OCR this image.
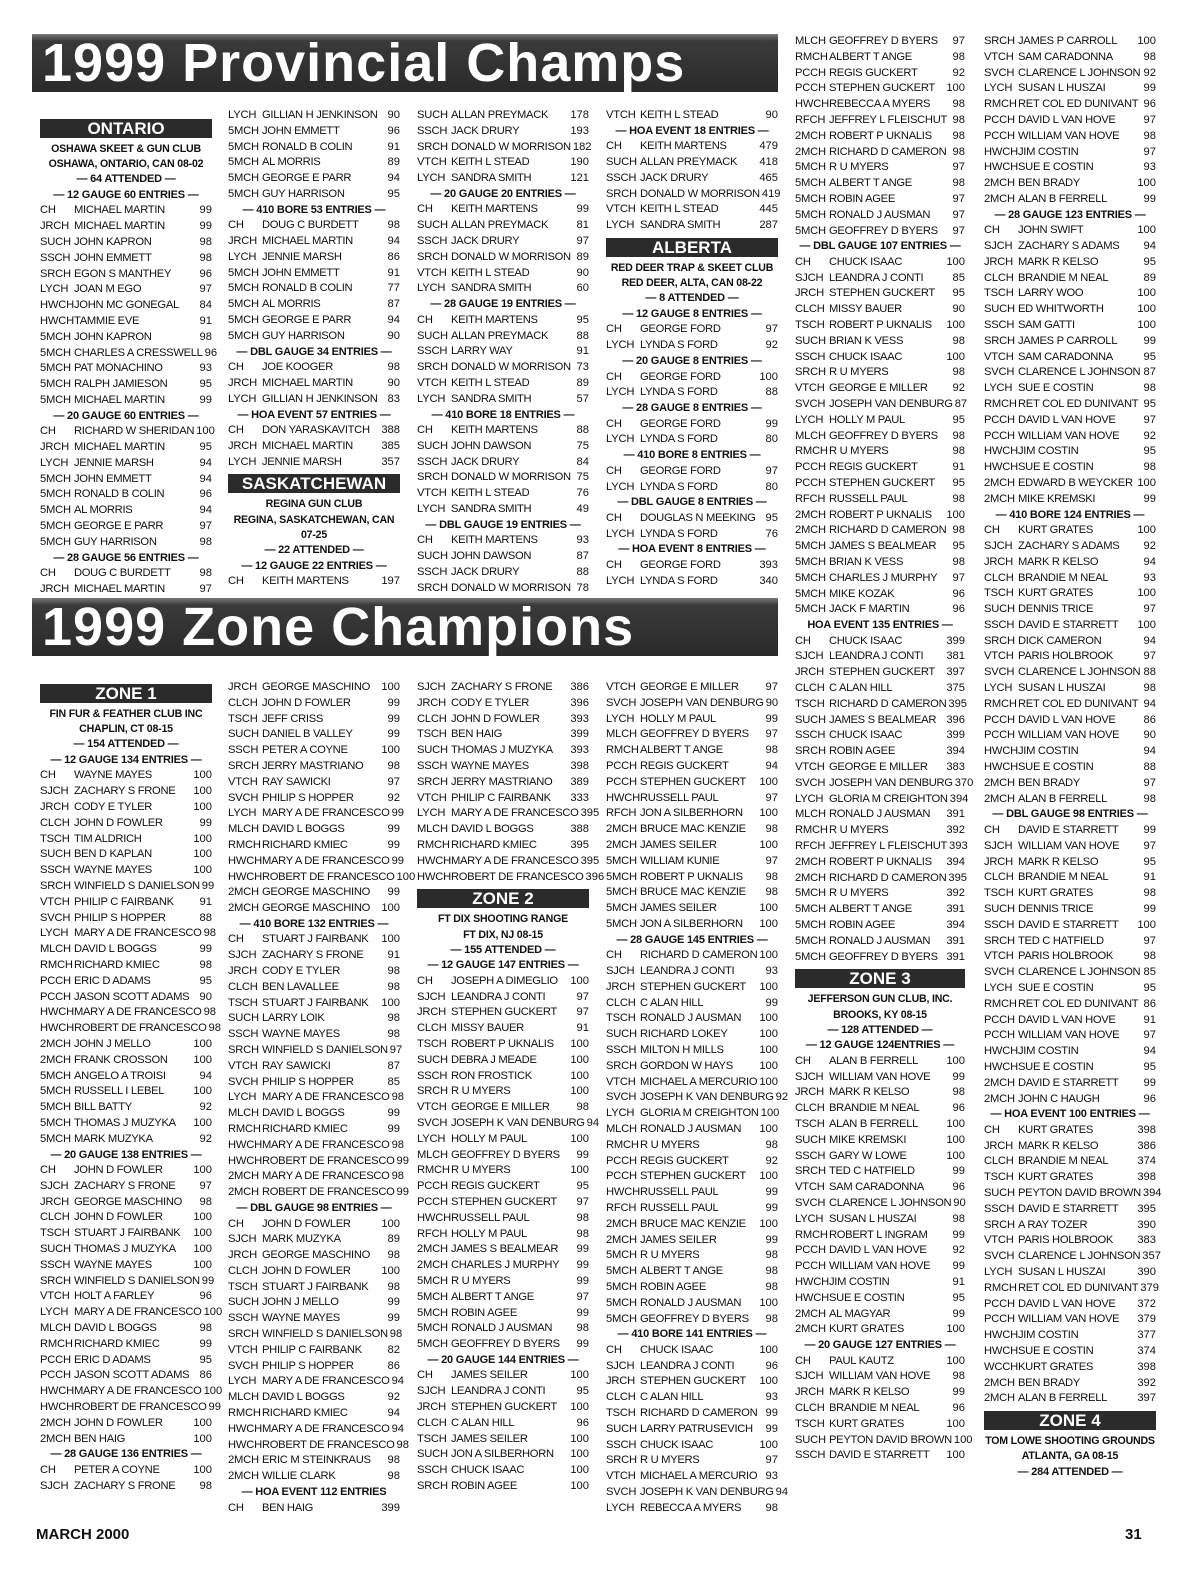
1999 Provincial Champs
1999 Zone Champions
ONTARIO
OSHAWA SKEET & GUN CLUB
OSHAWA, ONTARIO, CAN 08-02
— 64 ATTENDED —
— 12 GAUGE 60 ENTRIES —
CH	MICHAEL MARTIN	99
JRCH MICHAEL MARTIN	99
SUCH JOHN KAPRON	98
SSCH JOHN EMMETT	98
SRCH EGON S MANTHEY	96
LYCH JOAN M EGO	97
HWCH JOHN MC GONEGAL	84
HWCH TAMMIE EVE	91
5MCH JOHN KAPRON	98
5MCH CHARLES A CRESSWELL 96
5MCH PAT MONACHINO	93
5MCH RALPH JAMIESON	95
5MCH MICHAEL MARTIN	99
— 20 GAUGE 60 ENTRIES —
CH	RICHARD W SHERIDAN 100
JRCH MICHAEL MARTIN	95
LYCH JENNIE MARSH	94
5MCH JOHN EMMETT	94
5MCH RONALD B COLIN	96
5MCH AL MORRIS	94
5MCH GEORGE E PARR	97
5MCH GUY HARRISON	98
— 28 GAUGE 56 ENTRIES —
CH	DOUG C BURDETT	98
JRCH MICHAEL MARTIN	97
LYCH GILLIAN H JENKINSON 90
5MCH JOHN EMMETT	96
5MCH RONALD B COLIN	91
5MCH AL MORRIS	89
5MCH GEORGE E PARR	94
5MCH GUY HARRISON	95
— 410 BORE 53 ENTRIES —
CH	DOUG C BURDETT	98
JRCH MICHAEL MARTIN	94
LYCH JENNIE MARSH	86
5MCH JOHN EMMETT	91
5MCH RONALD B COLIN	77
5MCH AL MORRIS	87
5MCH GEORGE E PARR	94
5MCH GUY HARRISON	90
— DBL GAUGE 34 ENTRIES —
CH	JOE KOOGER	98
JRCH MICHAEL MARTIN	90
LYCH GILLIAN H JENKINSON 83
— HOA EVENT 57 ENTRIES —
CH	DON YARASKAVITCH	388
JRCH MICHAEL MARTIN	385
LYCH JENNIE MARSH	357
SASKATCHEWAN
REGINA GUN CLUB
REGINA, SASKATCHEWAN, CAN
07-25
— 22 ATTENDED —
— 12 GAUGE 22 ENTRIES —
CH	KEITH MARTENS	197
SUCH ALLAN PREYMACK	178
SSCH JACK DRURY	193
SRCH DONALD W MORRISON 182
VTCH KEITH L STEAD	190
LYCH SANDRA SMITH	121
— 20 GAUGE 20 ENTRIES —
CH	KEITH MARTENS	99
SUCH ALLAN PREYMACK	81
SSCH JACK DRURY	97
SRCH DONALD W MORRISON 89
VTCH KEITH L STEAD	90
LYCH SANDRA SMITH	60
— 28 GAUGE 19 ENTRIES —
CH	KEITH MARTENS	95
SUCH ALLAN PREYMACK	88
SSCH LARRY WAY	91
SRCH DONALD W MORRISON 73
VTCH KEITH L STEAD	89
LYCH SANDRA SMITH	57
— 410 BORE 18 ENTRIES —
CH	KEITH MARTENS	88
SUCH JOHN DAWSON	75
SSCH JACK DRURY	84
SRCH DONALD W MORRISON 75
VTCH KEITH L STEAD	76
LYCH SANDRA SMITH	49
— DBL GAUGE 19 ENTRIES —
CH	KEITH MARTENS	93
SUCH JOHN DAWSON	87
SSCH JACK DRURY	88
SRCH DONALD W MORRISON 78
VTCH KEITH L STEAD	90
— HOA EVENT 18 ENTRIES —
CH	KEITH MARTENS	479
SUCH ALLAN PREYMACK	418
SSCH JACK DRURY	465
SRCH DONALD W MORRISON 419
VTCH KEITH L STEAD	445
LYCH SANDRA SMITH	287
ALBERTA
RED DEER TRAP & SKEET CLUB
RED DEER, ALTA, CAN 08-22
— 8 ATTENDED —
— 12 GAUGE 8 ENTRIES —
CH	GEORGE FORD	97
LYCH LYNDA S FORD	92
— 20 GAUGE 8 ENTRIES —
CH	GEORGE FORD	100
LYCH LYNDA S FORD	88
— 28 GAUGE 8 ENTRIES —
CH	GEORGE FORD	99
LYCH LYNDA S FORD	80
— 410 BORE 8 ENTRIES —
CH	GEORGE FORD	97
LYCH LYNDA S FORD	80
— DBL GAUGE 8 ENTRIES —
CH	DOUGLAS N MEEKING 95
LYCH LYNDA S FORD	76
— HOA EVENT 8 ENTRIES —
CH	GEORGE FORD	393
LYCH LYNDA S FORD	340
MLCH GEOFFREY D BYERS	97
RMCH ALBERT T ANGE	98
PCCH REGIS GUCKERT	92
PCCH STEPHEN GUCKERT	100
HWCH REBECCA A MYERS	98
RFCH JEFFREY L FLEISCHUT 98
2MCH ROBERT P UKNALIS	98
2MCH RICHARD D CAMERON 98
5MCH R U MYERS	97
5MCH ALBERT T ANGE	98
5MCH ROBIN AGEE	97
5MCH RONALD J AUSMAN	97
5MCH GEOFFREY D BYERS	97
— DBL GAUGE 107 ENTRIES —
CH	CHUCK ISAAC	100
SJCH LEANDRA J CONTI	85
JRCH STEPHEN GUCKERT	95
CLCH MISSY BAUER	90
TSCH ROBERT P UKNALIS	100
SUCH BRIAN K VESS	98
SSCH CHUCK ISAAC	100
SRCH R U MYERS	98
VTCH GEORGE E MILLER	92
SVCH JOSEPH VAN DENBURG 87
LYCH HOLLY M PAUL	95
MLCH GEOFFREY D BYERS	98
RMCH R U MYERS	98
PCCH REGIS GUCKERT	91
PCCH STEPHEN GUCKERT	95
RFCH RUSSELL PAUL	98
2MCH ROBERT P UKNALIS	100
2MCH RICHARD D CAMERON 98
5MCH JAMES S BEALMEAR	95
5MCH BRIAN K VESS	98
5MCH CHARLES J MURPHY	97
5MCH MIKE KOZAK	96
5MCH JACK F MARTIN	96
HOA EVENT 135 ENTRIES —
CH	CHUCK ISAAC	399
SJCH LEANDRA J CONTI	381
JRCH STEPHEN GUCKERT	397
CLCH C ALAN HILL	375
TSCH RICHARD D CAMERON 395
SUCH JAMES S BEALMEAR 396
SSCH CHUCK ISAAC	399
SRCH ROBIN AGEE	394
VTCH GEORGE E MILLER	383
SVCH JOSEPH VAN DENBURG 370
LYCH GLORIA M CREIGHTON 394
MLCH RONALD J AUSMAN	391
RMCH R U MYERS	392
RFCH JEFFREY L FLEISCHUT 393
2MCH ROBERT P UKNALIS	394
2MCH RICHARD D CAMERON 395
5MCH R U MYERS	392
5MCH ALBERT T ANGE	391
5MCH ROBIN AGEE	394
5MCH RONALD J AUSMAN	391
5MCH GEOFFREY D BYERS 391
ZONE 3
JEFFERSON GUN CLUB, INC.
BROOKS, KY 08-15
— 128 ATTENDED —
— 12 GAUGE 124ENTRIES —
CH	ALAN B FERRELL	100
SJCH WILLIAM VAN HOVE	99
JRCH MARK R KELSO	98
CLCH BRANDIE M NEAL	96
TSCH ALAN B FERRELL	100
SUCH MIKE KREMSKI	100
SSCH GARY W LOWE	100
SRCH TED C HATFIELD	99
VTCH SAM CARADONNA	96
SVCH CLARENCE L JOHNSON 90
LYCH SUSAN L HUSZAI	98
RMCH ROBERT L INGRAM	99
PCCH DAVID L VAN HOVE	92
PCCH WILLIAM VAN HOVE	99
HWCH JIM COSTIN	91
HWCH SUE E COSTIN	95
2MCH AL MAGYAR	99
2MCH KURT GRATES	100
— 20 GAUGE 127 ENTRIES —
CH	PAUL KAUTZ	100
SJCH WILLIAM VAN HOVE	98
JRCH MARK R KELSO	99
CLCH BRANDIE M NEAL	96
TSCH KURT GRATES	100
SUCH PEYTON DAVID BROWN 100
SSCH DAVID E STARRETT	100
SRCH JAMES P CARROLL	100
VTCH SAM CARADONNA	98
SVCH CLARENCE L JOHNSON 92
LYCH SUSAN L HUSZAI	99
RMCH RET COL ED DUNIVANT 96
PCCH DAVID L VAN HOVE	97
PCCH WILLIAM VAN HOVE	98
HWCH JIM COSTIN	97
HWCH SUE E COSTIN	93
2MCH BEN BRADY	100
2MCH ALAN B FERRELL	99
— 28 GAUGE 123 ENTRIES —
CH	JOHN SWIFT	100
SJCH ZACHARY S ADAMS	94
JRCH MARK R KELSO	95
CLCH BRANDIE M NEAL	89
TSCH LARRY WOO	100
SUCH ED WHITWORTH	100
SSCH SAM GATTI	100
SRCH JAMES P CARROLL	99
VTCH SAM CARADONNA	95
SVCH CLARENCE L JOHNSON 87
LYCH SUE E COSTIN	98
RMCH RET COL ED DUNIVANT 95
PCCH DAVID L VAN HOVE	97
PCCH WILLIAM VAN HOVE	92
HWCH JIM COSTIN	95
HWCH SUE E COSTIN	98
2MCH EDWARD B WEYCKER 100
2MCH MIKE KREMSKI	99
— 410 BORE 124 ENTRIES —
CH	KURT GRATES	100
SJCH ZACHARY S ADAMS	92
JRCH MARK R KELSO	94
CLCH BRANDIE M NEAL	93
TSCH KURT GRATES	100
SUCH DENNIS TRICE	97
SSCH DAVID E STARRETT	100
SRCH DICK CAMERON	94
VTCH PARIS HOLBROOK	97
SVCH CLARENCE L JOHNSON 88
LYCH SUSAN L HUSZAI	98
RMCH RET COL ED DUNIVANT 94
PCCH DAVID L VAN HOVE	86
PCCH WILLIAM VAN HOVE	90
HWCH JIM COSTIN	94
HWCH SUE E COSTIN	88
2MCH BEN BRADY	97
2MCH ALAN B FERRELL	98
— DBL GAUGE 98 ENTRIES —
CH	DAVID E STARRETT	99
SJCH WILLIAM VAN HOVE	97
JRCH MARK R KELSO	95
CLCH BRANDIE M NEAL	91
TSCH KURT GRATES	98
SUCH DENNIS TRICE	99
SSCH DAVID E STARRETT	100
SRCH TED C HATFIELD	97
VTCH PARIS HOLBROOK	98
SVCH CLARENCE L JOHNSON 85
LYCH SUE E COSTIN	95
RMCH RET COL ED DUNIVANT 86
PCCH DAVID L VAN HOVE	91
PCCH WILLIAM VAN HOVE	97
HWCH JIM COSTIN	94
HWCH SUE E COSTIN	95
2MCH DAVID E STARRETT	99
2MCH JOHN C HAUGH	96
— HOA EVENT 100 ENTRIES —
CH	KURT GRATES	398
JRCH MARK R KELSO	386
CLCH BRANDIE M NEAL	374
TSCH KURT GRATES	398
SUCH PEYTON DAVID BROWN 394
SSCH DAVID E STARRETT	395
SRCH A RAY TOZER	390
VTCH PARIS HOLBROOK	383
SVCH CLARENCE L JOHNSON 357
LYCH SUSAN L HUSZAI	390
RMCH RET COL ED DUNIVANT 379
PCCH DAVID L VAN HOVE	372
PCCH WILLIAM VAN HOVE	379
HWCH JIM COSTIN	377
HWCH SUE E COSTIN	374
WCCH KURT GRATES	398
2MCH BEN BRADY	392
2MCH ALAN B FERRELL	397
ZONE 4
TOM LOWE SHOOTING GROUNDS
ATLANTA, GA 08-15
— 284 ATTENDED —
ZONE 1
FIN FUR & FEATHER CLUB INC
CHAPLIN, CT 08-15
— 154 ATTENDED —
— 12 GAUGE 134 ENTRIES —
CH	WAYNE MAYES	100
SJCH ZACHARY S FRONE	100
JRCH CODY E TYLER	100
CLCH JOHN D FOWLER	99
TSCH TIM ALDRICH	100
SUCH BEN D KAPLAN	100
SSCH WAYNE MAYES	100
SRCH WINFIELD S DANIELSON 99
VTCH PHILIP C FAIRBANK	91
SVCH PHILIP S HOPPER	88
LYCH MARY A DE FRANCESCO 98
MLCH DAVID L BOGGS	99
RMCH RICHARD KMIEC	98
PCCH ERIC D ADAMS	95
PCCH JASON SCOTT ADAMS 90
HWCH MARY A DE FRANCESCO 98
HWCH ROBERT DE FRANCESCO 98
2MCH JOHN J MELLO	100
2MCH FRANK CROSSON	100
5MCH ANGELO A TROISI	94
5MCH RUSSELL I LEBEL	100
5MCH BILL BATTY	92
5MCH THOMAS J MUZYKA	100
5MCH MARK MUZYKA	92
— 20 GAUGE 138 ENTRIES —
CH	JOHN D FOWLER	100
SJCH ZACHARY S FRONE	97
JRCH GEORGE MASCHINO	98
CLCH JOHN D FOWLER	100
TSCH STUART J FAIRBANK	100
SUCH THOMAS J MUZYKA	100
SSCH WAYNE MAYES	100
SRCH WINFIELD S DANIELSON 99
VTCH HOLT A FARLEY	96
LYCH MARY A DE FRANCESCO 100
MLCH DAVID L BOGGS	98
RMCH RICHARD KMIEC	99
PCCH ERIC D ADAMS	95
PCCH JASON SCOTT ADAMS 86
HWCH MARY A DE FRANCESCO 100
HWCH ROBERT DE FRANCESCO 99
2MCH JOHN D FOWLER	100
2MCH BEN HAIG	100
— 28 GAUGE 136 ENTRIES —
CH	PETER A COYNE	100
SJCH ZACHARY S FRONE	98
JRCH GEORGE MASCHINO	100
CLCH JOHN D FOWLER	99
TSCH JEFF CRISS	99
SUCH DANIEL B VALLEY	99
SSCH PETER A COYNE	100
SRCH JERRY MASTRIANO	98
VTCH RAY SAWICKI	97
SVCH PHILIP S HOPPER	92
LYCH MARY A DE FRANCESCO 99
MLCH DAVID L BOGGS	99
RMCH RICHARD KMIEC	99
HWCH MARY A DE FRANCESCO 99
HWCH ROBERT DE FRANCESCO 100
2MCH GEORGE MASCHINO	99
2MCH GEORGE MASCHINO	100
— 410 BORE 132 ENTRIES —
CH	STUART J FAIRBANK	100
SJCH ZACHARY S FRONE	91
JRCH CODY E TYLER	98
CLCH BEN LAVALLEE	98
TSCH STUART J FAIRBANK	100
SUCH LARRY LOIK	98
SSCH WAYNE MAYES	98
SRCH WINFIELD S DANIELSON 97
VTCH RAY SAWICKI	87
SVCH PHILIP S HOPPER	85
LYCH MARY A DE FRANCESCO 98
MLCH DAVID L BOGGS	99
RMCH RICHARD KMIEC	99
HWCH MARY A DE FRANCESCO 98
HWCH ROBERT DE FRANCESCO 99
2MCH MARY A DE FRANCESCO 98
2MCH ROBERT DE FRANCESCO 99
— DBL GAUGE 98 ENTRIES —
CH	JOHN D FOWLER	100
SJCH MARK MUZYKA	89
JRCH GEORGE MASCHINO	98
CLCH JOHN D FOWLER	100
TSCH STUART J FAIRBANK	98
SUCH JOHN J MELLO	99
SSCH WAYNE MAYES	99
SRCH WINFIELD S DANIELSON 98
VTCH PHILIP C FAIRBANK	82
SVCH PHILIP S HOPPER	86
LYCH MARY A DE FRANCESCO 94
MLCH DAVID L BOGGS	92
RMCH RICHARD KMIEC	94
HWCH MARY A DE FRANCESCO 94
HWCH ROBERT DE FRANCESCO 98
2MCH ERIC M STEINKRAUS	98
2MCH WILLIE CLARK	98
— HOA EVENT 112 ENTRIES
CH	BEN HAIG	399
SJCH ZACHARY S FRONE	386
JRCH CODY E TYLER	396
CLCH JOHN D FOWLER	393
TSCH BEN HAIG	399
SUCH THOMAS J MUZYKA	393
SSCH WAYNE MAYES	398
SRCH JERRY MASTRIANO	389
VTCH PHILIP C FAIRBANK	333
LYCH MARY A DE FRANCESCO 395
MLCH DAVID L BOGGS	388
RMCH RICHARD KMIEC	395
HWCH MARY A DE FRANCESCO 395
HWCH ROBERT DE FRANCESCO 396
ZONE 2
FT DIX SHOOTING RANGE
FT DIX, NJ 08-15
— 155 ATTENDED —
— 12 GAUGE 147 ENTRIES —
CH	JOSEPH A DIMEGLIO	100
SJCH LEANDRA J CONTI	97
JRCH STEPHEN GUCKERT	97
CLCH MISSY BAUER	91
TSCH ROBERT P UKNALIS	100
SUCH DEBRA J MEADE	100
SSCH RON FROSTICK	100
SRCH R U MYERS	100
VTCH GEORGE E MILLER	98
SVCH JOSEPH K VAN DENBURG 94
LYCH HOLLY M PAUL	100
MLCH GEOFFREY D BYERS	99
RMCH R U MYERS	100
PCCH REGIS GUCKERT	95
PCCH STEPHEN GUCKERT	97
HWCH RUSSELL PAUL	98
RFCH HOLLY M PAUL	98
2MCH JAMES S BEALMEAR	99
2MCH CHARLES J MURPHY	99
5MCH R U MYERS	99
5MCH ALBERT T ANGE	97
5MCH ROBIN AGEE	99
5MCH RONALD J AUSMAN	98
5MCH GEOFFREY D BYERS	99
— 20 GAUGE 144 ENTRIES —
CH	JAMES SEILER	100
SJCH LEANDRA J CONTI	95
JRCH STEPHEN GUCKERT	100
CLCH C ALAN HILL	96
TSCH JAMES SEILER	100
SUCH JON A SILBERHORN	100
SSCH CHUCK ISAAC	100
SRCH ROBIN AGEE	100
VTCH GEORGE E MILLER	97
SVCH JOSEPH VAN DENBURG 90
LYCH HOLLY M PAUL	99
MLCH GEOFFREY D BYERS	97
RMCH ALBERT T ANGE	98
PCCH REGIS GUCKERT	94
PCCH STEPHEN GUCKERT	100
HWCH RUSSELL PAUL	97
RFCH JON A SILBERHORN	100
2MCH BRUCE MAC KENZIE	98
2MCH JAMES SEILER	100
5MCH WILLIAM KUNIE	97
5MCH ROBERT P UKNALIS	98
5MCH BRUCE MAC KENZIE	98
5MCH JAMES SEILER	100
5MCH JON A SILBERHORN	100
— 28 GAUGE 145 ENTRIES —
CH	RICHARD D CAMERON 100
SJCH LEANDRA J CONTI	93
JRCH STEPHEN GUCKERT	100
CLCH C ALAN HILL	99
TSCH RONALD J AUSMAN	100
SUCH RICHARD LOKEY	100
SSCH MILTON H MILLS	100
SRCH GORDON W HAYS	100
VTCH MICHAEL A MERCURIO 100
SVCH JOSEPH K VAN DENBURG 92
LYCH GLORIA M CREIGHTON 100
MLCH RONALD J AUSMAN	100
RMCH R U MYERS	98
PCCH REGIS GUCKERT	92
PCCH STEPHEN GUCKERT	100
HWCH RUSSELL PAUL	99
RFCH RUSSELL PAUL	99
2MCH BRUCE MAC KENZIE	100
2MCH JAMES SEILER	99
5MCH R U MYERS	98
5MCH ALBERT T ANGE	98
5MCH ROBIN AGEE	98
5MCH RONALD J AUSMAN	100
5MCH GEOFFREY D BYERS	98
— 410 BORE 141 ENTRIES —
CH	CHUCK ISAAC	100
SJCH LEANDRA J CONTI	96
JRCH STEPHEN GUCKERT	100
CLCH C ALAN HILL	93
TSCH RICHARD D CAMERON 99
SUCH LARRY PATRUSEVICH	99
SSCH CHUCK ISAAC	100
SRCH R U MYERS	97
VTCH MICHAEL A MERCURIO 93
SVCH JOSEPH K VAN DENBURG 94
LYCH REBECCA A MYERS	98
MARCH 2000	31
